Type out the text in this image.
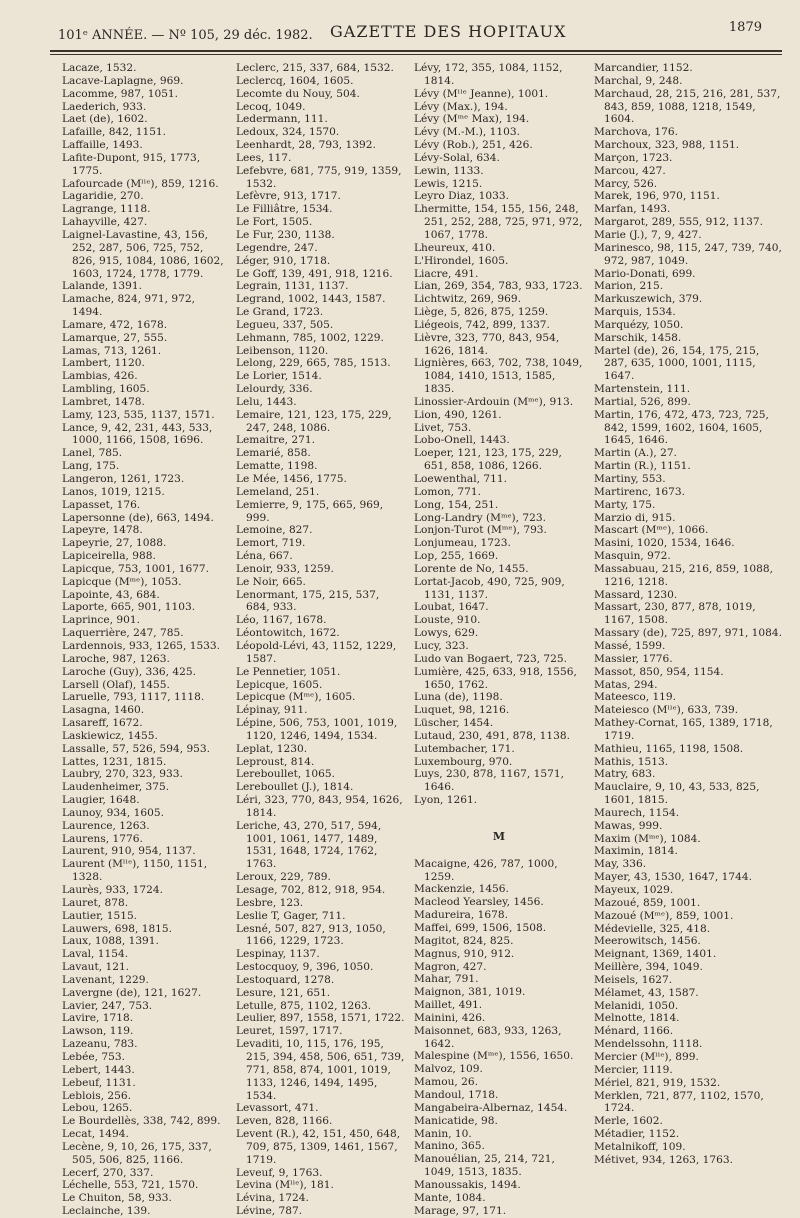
101ᵉ ANNÉE. — Nº 105, 29 déc. 1982. GAZETTE DES HOPITAUX	1879
Lacaze, 1532.
Lacave-Laplagne, 969.
Lacomme, 987, 1051.
Laederich, 933.
Laet (de), 1602.
Lafaille, 842, 1151.
Laffaille, 1493.
Lafite-Dupont, 915, 1773, 1775.
Lafourcade (Mˡˡᵉ), 859, 1216.
Lagaridie, 270.
Lagrange, 1118.
Lahayville, 427.
Laignel-Lavastine, 43, 156, 252, 287, 506, 725, 752, 826, 915, 1084, 1086, 1602, 1603, 1724, 1778, 1779.
Lalande, 1391.
Lamache, 824, 971, 972, 1494.
Lamare, 472, 1678.
Lamarque, 27, 555.
Lamas, 713, 1261.
Lambert, 1120.
Lambias, 426.
Lambling, 1605.
Lambret, 1478.
Lamy, 123, 535, 1137, 1571.
Lance, 9, 42, 231, 443, 533, 1000, 1166, 1508, 1696.
Lanel, 785.
Lang, 175.
Langeron, 1261, 1723.
Lanos, 1019, 1215.
Lapasset, 176.
Lapersonne (de), 663, 1494.
Lapeyre, 1478.
Lapeyrie, 27, 1088.
Lapiceirella, 988.
Lapicque, 753, 1001, 1677.
Lapicque (Mᵐᵉ), 1053.
Lapointe, 43, 684.
Laporte, 665, 901, 1103.
Laprince, 901.
Laquerrière, 247, 785.
Lardennois, 933, 1265, 1533.
Laroche, 987, 1263.
Laroche (Guy), 336, 425.
Larsell (Olaf), 1455.
Laruelle, 793, 1117, 1118.
Lasagna, 1460.
Lasareff, 1672.
Laskiewicz, 1455.
Lassalle, 57, 526, 594, 953.
Lattes, 1231, 1815.
Laubry, 270, 323, 933.
Laudenheimer, 375.
Laugier, 1648.
Launoy, 934, 1605.
Laurence, 1263.
Laurens, 1776.
Laurent, 910, 954, 1137.
Laurent (Mˡˡᵉ), 1150, 1151, 1328.
Laurès, 933, 1724.
Lauret, 878.
Lautier, 1515.
Lauwers, 698, 1815.
Laux, 1088, 1391.
Laval, 1154.
Lavaut, 121.
Lavenant, 1229.
Lavergne (de), 121, 1627.
Lavier, 247, 753.
Lavire, 1718.
Lawson, 119.
Lazeanu, 783.
Lebée, 753.
Lebert, 1443.
Lebeuf, 1131.
Leblois, 256.
Lebou, 1265.
Le Bourdellès, 338, 742, 899.
Lecat, 1494.
Lecène, 9, 10, 26, 175, 337, 505, 506, 825, 1166.
Lecerf, 270, 337.
Léchelle, 553, 721, 1570.
Le Chuiton, 58, 933.
Leclainche, 139.
Leclerc, 215, 337, 684, 1532.
Leclercq, 1604, 1605.
Lecomte du Nouy, 504.
Lecoq, 1049.
Ledermann, 111.
Ledoux, 324, 1570.
Leenhardt, 28, 793, 1392.
Lees, 117.
Lefebvre, 681, 775, 919, 1359, 1532.
Lefèvre, 913, 1717.
Le Filliâtre, 1534.
Le Fort, 1505.
Le Fur, 230, 1138.
Legendre, 247.
Léger, 910, 1718.
Le Goff, 139, 491, 918, 1216.
Legrain, 1131, 1137.
Legrand, 1002, 1443, 1587.
Le Grand, 1723.
Legueu, 337, 505.
Lehmann, 785, 1002, 1229.
Leibenson, 1120.
Lelong, 229, 665, 785, 1513.
Le Lorier, 1514.
Lelourdy, 336.
Lelu, 1443.
Lemaire, 121, 123, 175, 229, 247, 248, 1086.
Lemaitre, 271.
Lemarié, 858.
Lematte, 1198.
Le Mée, 1456, 1775.
Lemeland, 251.
Lemierre, 9, 175, 665, 969, 999.
Lemoine, 827.
Lemort, 719.
Léna, 667.
Lenoir, 933, 1259.
Le Noir, 665.
Lenormant, 175, 215, 537, 684, 933.
Léo, 1167, 1678.
Léontowitch, 1672.
Léopold-Lévi, 43, 1152, 1229, 1587.
Le Pennetier, 1051.
Lepicque, 1605.
Lepicque (Mᵐᵉ), 1605.
Lépinay, 911.
Lépine, 506, 753, 1001, 1019, 1120, 1246, 1494, 1534.
Leplat, 1230.
Leproust, 814.
Lereboullet, 1065.
Lereboullet (J.), 1814.
Léri, 323, 770, 843, 954, 1626, 1814.
Leriche, 43, 270, 517, 594, 1001, 1061, 1477, 1489, 1531, 1648, 1724, 1762, 1763.
Leroux, 229, 789.
Lesage, 702, 812, 918, 954.
Lesbre, 123.
Leslie T, Gager, 711.
Lesné, 507, 827, 913, 1050, 1166, 1229, 1723.
Lespinay, 1137.
Lestocquoy, 9, 396, 1050.
Lestoquard, 1278.
Lesure, 121, 651.
Letulle, 875, 1102, 1263.
Leulier, 897, 1558, 1571, 1722.
Leuret, 1597, 1717.
Levaditi, 10, 115, 176, 195, 215, 394, 458, 506, 651, 739, 771, 858, 874, 1001, 1019, 1133, 1246, 1494, 1495, 1534.
Levassort, 471.
Leven, 828, 1166.
Levent (R.), 42, 151, 450, 648, 709, 875, 1309, 1461, 1567, 1719.
Leveuf, 9, 1763.
Levina (Mˡˡᵉ), 181.
Lévina, 1724.
Lévine, 787.
Lévy, 172, 355, 1084, 1152, 1814.
Lévy (Mˡˡᵉ Jeanne), 1001.
Lévy (Max.), 194.
Lévy (Mᵐᵉ Max), 194.
Lévy (M.-M.), 1103.
Lévy (Rob.), 251, 426.
Lévy-Solal, 634.
Lewin, 1133.
Lewis, 1215.
Leyro Diaz, 1033.
Lhermitte, 154, 155, 156, 248, 251, 252, 288, 725, 971, 972, 1067, 1778.
Lheureux, 410.
L'Hirondel, 1605.
Liacre, 491.
Lian, 269, 354, 783, 933, 1723.
Lichtwitz, 269, 969.
Liège, 5, 826, 875, 1259.
Liégeois, 742, 899, 1337.
Lièvre, 323, 770, 843, 954, 1626, 1814.
Lignières, 663, 702, 738, 1049, 1084, 1410, 1513, 1585, 1835.
Linossier-Ardouin (Mᵐᵉ), 913.
Lion, 490, 1261.
Livet, 753.
Lobo-Onell, 1443.
Loeper, 121, 123, 175, 229, 651, 858, 1086, 1266.
Loewenthal, 711.
Lomon, 771.
Long, 154, 251.
Long-Landry (Mᵐᵉ), 723.
Lonjon-Turot (Mᵐᵉ), 793.
Lonjumeau, 1723.
Lop, 255, 1669.
Lorente de No, 1455.
Lortat-Jacob, 490, 725, 909, 1131, 1137.
Loubat, 1647.
Louste, 910.
Lowys, 629.
Lucy, 323.
Ludo van Bogaert, 723, 725.
Lumière, 425, 633, 918, 1556, 1650, 1762.
Luna (de), 1198.
Luquet, 98, 1216.
Lüscher, 1454.
Lutaud, 230, 491, 878, 1138.
Lutembacher, 171.
Luxembourg, 970.
Luys, 230, 878, 1167, 1571, 1646.
Lyon, 1261.
M
Macaigne, 426, 787, 1000, 1259.
Mackenzie, 1456.
Macleod Yearsley, 1456.
Madureira, 1678.
Maffei, 699, 1506, 1508.
Magitot, 824, 825.
Magnus, 910, 912.
Magron, 427.
Mahar, 791.
Maignon, 381, 1019.
Maillet, 491.
Mainini, 426.
Maisonnet, 683, 933, 1263, 1642.
Malespine (Mᵐᵉ), 1556, 1650.
Malvoz, 109.
Mamou, 26.
Mandoul, 1718.
Mangabeira-Albernaz, 1454.
Manicatide, 98.
Manin, 10.
Manino, 365.
Manouélian, 25, 214, 721, 1049, 1513, 1835.
Manoussakis, 1494.
Mante, 1084.
Marage, 97, 171.
Marcandier, 1152.
Marchal, 9, 248.
Marchaud, 28, 215, 216, 281, 537, 843, 859, 1088, 1218, 1549, 1604.
Marchova, 176.
Marchoux, 323, 988, 1151.
Marçon, 1723.
Marcou, 427.
Marcy, 526.
Marek, 196, 970, 1151.
Marfan, 1493.
Margarot, 289, 555, 912, 1137.
Marie (J.), 7, 9, 427.
Marinesco, 98, 115, 247, 739, 740, 972, 987, 1049.
Mario-Donati, 699.
Marion, 215.
Markuszewich, 379.
Marquis, 1534.
Marquézy, 1050.
Marschik, 1458.
Martel (de), 26, 154, 175, 215, 287, 635, 1000, 1001, 1115, 1647.
Martenstein, 111.
Martial, 526, 899.
Martin, 176, 472, 473, 723, 725, 842, 1599, 1602, 1604, 1605, 1645, 1646.
Martin (A.), 27.
Martin (R.), 1151.
Martiny, 553.
Martirenc, 1673.
Marty, 175.
Marzio di, 915.
Mascart (Mᵐᵉ), 1066.
Masini, 1020, 1534, 1646.
Masquin, 972.
Massabuau, 215, 216, 859, 1088, 1216, 1218.
Massard, 1230.
Massart, 230, 877, 878, 1019, 1167, 1508.
Massary (de), 725, 897, 971, 1084.
Massé, 1599.
Massier, 1776.
Massot, 850, 954, 1154.
Matas, 294.
Mateesco, 119.
Mateiesco (Mˡˡᵉ), 633, 739.
Mathey-Cornat, 165, 1389, 1718, 1719.
Mathieu, 1165, 1198, 1508.
Mathis, 1513.
Matry, 683.
Mauclaire, 9, 10, 43, 533, 825, 1601, 1815.
Maurech, 1154.
Mawas, 999.
Maxim (Mᵐᵉ), 1084.
Maximin, 1814.
May, 336.
Mayer, 43, 1530, 1647, 1744.
Mayeux, 1029.
Mazoué, 859, 1001.
Mazoué (Mᵐᵉ), 859, 1001.
Médevielle, 325, 418.
Meerowitsch, 1456.
Meignant, 1369, 1401.
Meillère, 394, 1049.
Meisels, 1627.
Mélamet, 43, 1587.
Melanidi, 1050.
Melnotte, 1814.
Ménard, 1166.
Mendelssohn, 1118.
Mercier (Mˡˡᵉ), 899.
Mercier, 1119.
Mériel, 821, 919, 1532.
Merklen, 721, 877, 1102, 1570, 1724.
Merle, 1602.
Métadier, 1152.
Metalnikoff, 109.
Métivet, 934, 1263, 1763.
